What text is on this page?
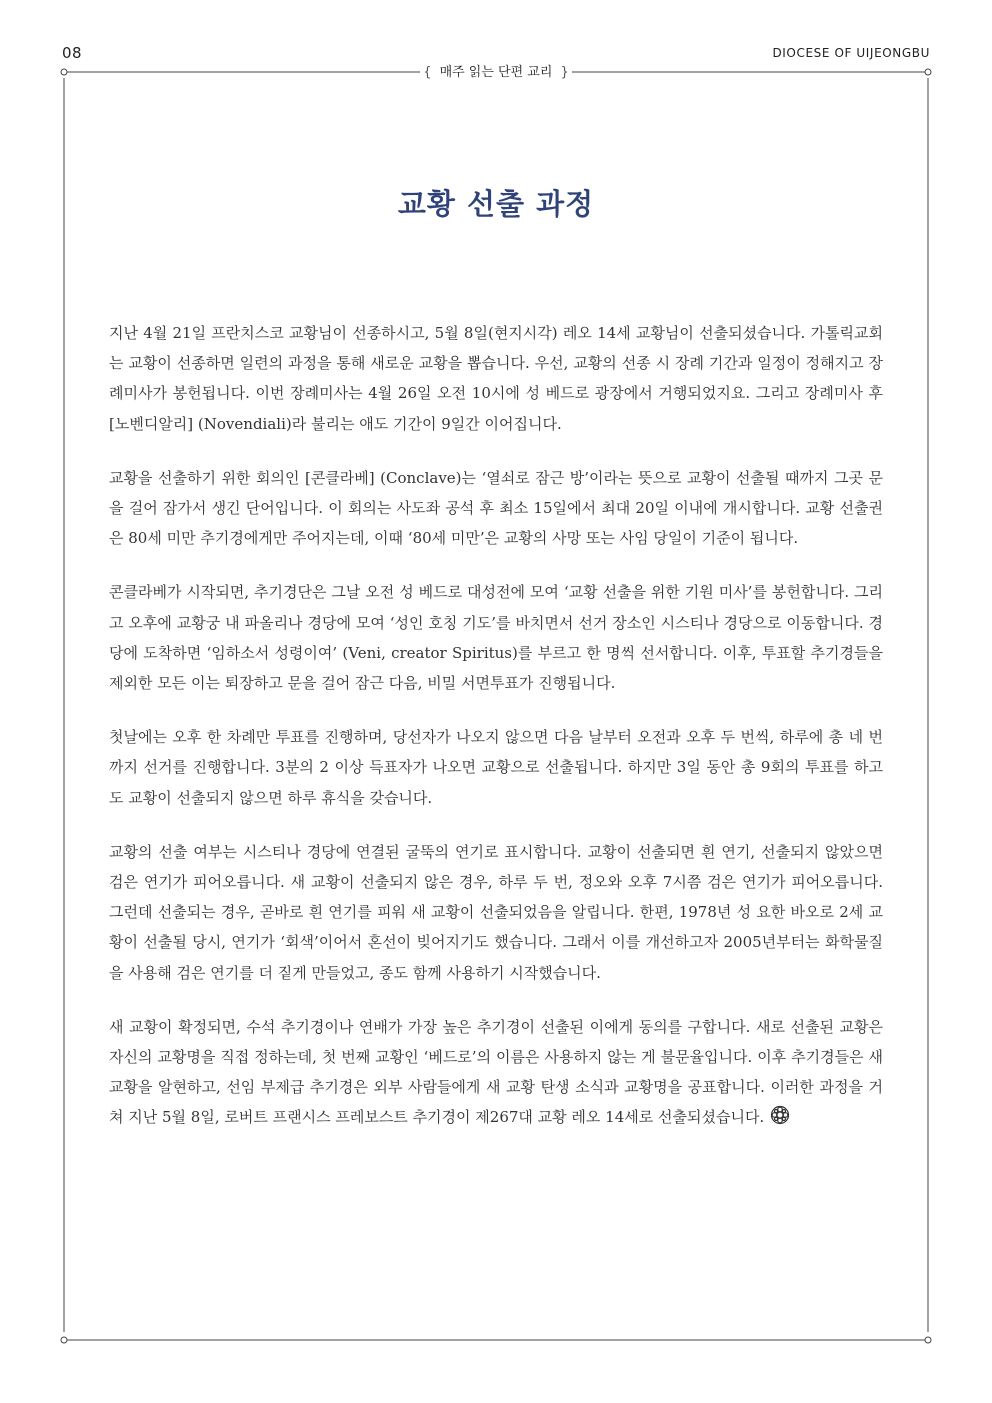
08	DIOCESE OF UIJEONGBU
{ 매주 읽는 단편 교리 }
교황 선출 과정

지난 4월 21일 프란치스코 교황님이 선종하시고, 5월 8일(현지시각) 레오 14세 교황님이 선출되셨습니다. 가톨릭교회는 교황이 선종하면 일련의 과정을 통해 새로운 교황을 뽑습니다. 우선, 교황의 선종 시 장례 기간과 일정이 정해지고 장례미사가 봉헌됩니다. 이번 장례미사는 4월 26일 오전 10시에 성 베드로 광장에서 거행되었지요. 그리고 장례미사 후 [노벤디알리] (Novendiali)라 불리는 애도 기간이 9일간 이어집니다.

교황을 선출하기 위한 회의인 [콘클라베] (Conclave)는 ‘열쇠로 잠근 방’이라는 뜻으로 교황이 선출될 때까지 그곳 문을 걸어 잠가서 생긴 단어입니다. 이 회의는 사도좌 공석 후 최소 15일에서 최대 20일 이내에 개시합니다. 교황 선출권은 80세 미만 추기경에게만 주어지는데, 이때 ‘80세 미만’은 교황의 사망 또는 사임 당일이 기준이 됩니다.

콘클라베가 시작되면, 추기경단은 그날 오전 성 베드로 대성전에 모여 ‘교황 선출을 위한 기원 미사’를 봉헌합니다. 그리고 오후에 교황궁 내 파올리나 경당에 모여 ‘성인 호칭 기도’를 바치면서 선거 장소인 시스티나 경당으로 이동합니다. 경당에 도착하면 ‘임하소서 성령이여’ (Veni, creator Spiritus)를 부르고 한 명씩 선서합니다. 이후, 투표할 추기경들을 제외한 모든 이는 퇴장하고 문을 걸어 잠근 다음, 비밀 서면투표가 진행됩니다.

첫날에는 오후 한 차례만 투표를 진행하며, 당선자가 나오지 않으면 다음 날부터 오전과 오후 두 번씩, 하루에 총 네 번까지 선거를 진행합니다. 3분의 2 이상 득표자가 나오면 교황으로 선출됩니다. 하지만 3일 동안 총 9회의 투표를 하고도 교황이 선출되지 않으면 하루 휴식을 갖습니다.

교황의 선출 여부는 시스티나 경당에 연결된 굴뚝의 연기로 표시합니다. 교황이 선출되면 흰 연기, 선출되지 않았으면 검은 연기가 피어오릅니다. 새 교황이 선출되지 않은 경우, 하루 두 번, 정오와 오후 7시쯤 검은 연기가 피어오릅니다. 그런데 선출되는 경우, 곧바로 흰 연기를 피워 새 교황이 선출되었음을 알립니다. 한편, 1978년 성 요한 바오로 2세 교황이 선출될 당시, 연기가 ‘회색’이어서 혼선이 빚어지기도 했습니다. 그래서 이를 개선하고자 2005년부터는 화학물질을 사용해 검은 연기를 더 짙게 만들었고, 종도 함께 사용하기 시작했습니다.

새 교황이 확정되면, 수석 추기경이나 연배가 가장 높은 추기경이 선출된 이에게 동의를 구합니다. 새로 선출된 교황은 자신의 교황명을 직접 정하는데, 첫 번째 교황인 ‘베드로’의 이름은 사용하지 않는 게 불문율입니다. 이후 추기경들은 새 교황을 알현하고, 선임 부제급 추기경은 외부 사람들에게 새 교황 탄생 소식과 교황명을 공표합니다. 이러한 과정을 거쳐 지난 5월 8일, 로버트 프랜시스 프레보스트 추기경이 제267대 교황 레오 14세로 선출되셨습니다.
